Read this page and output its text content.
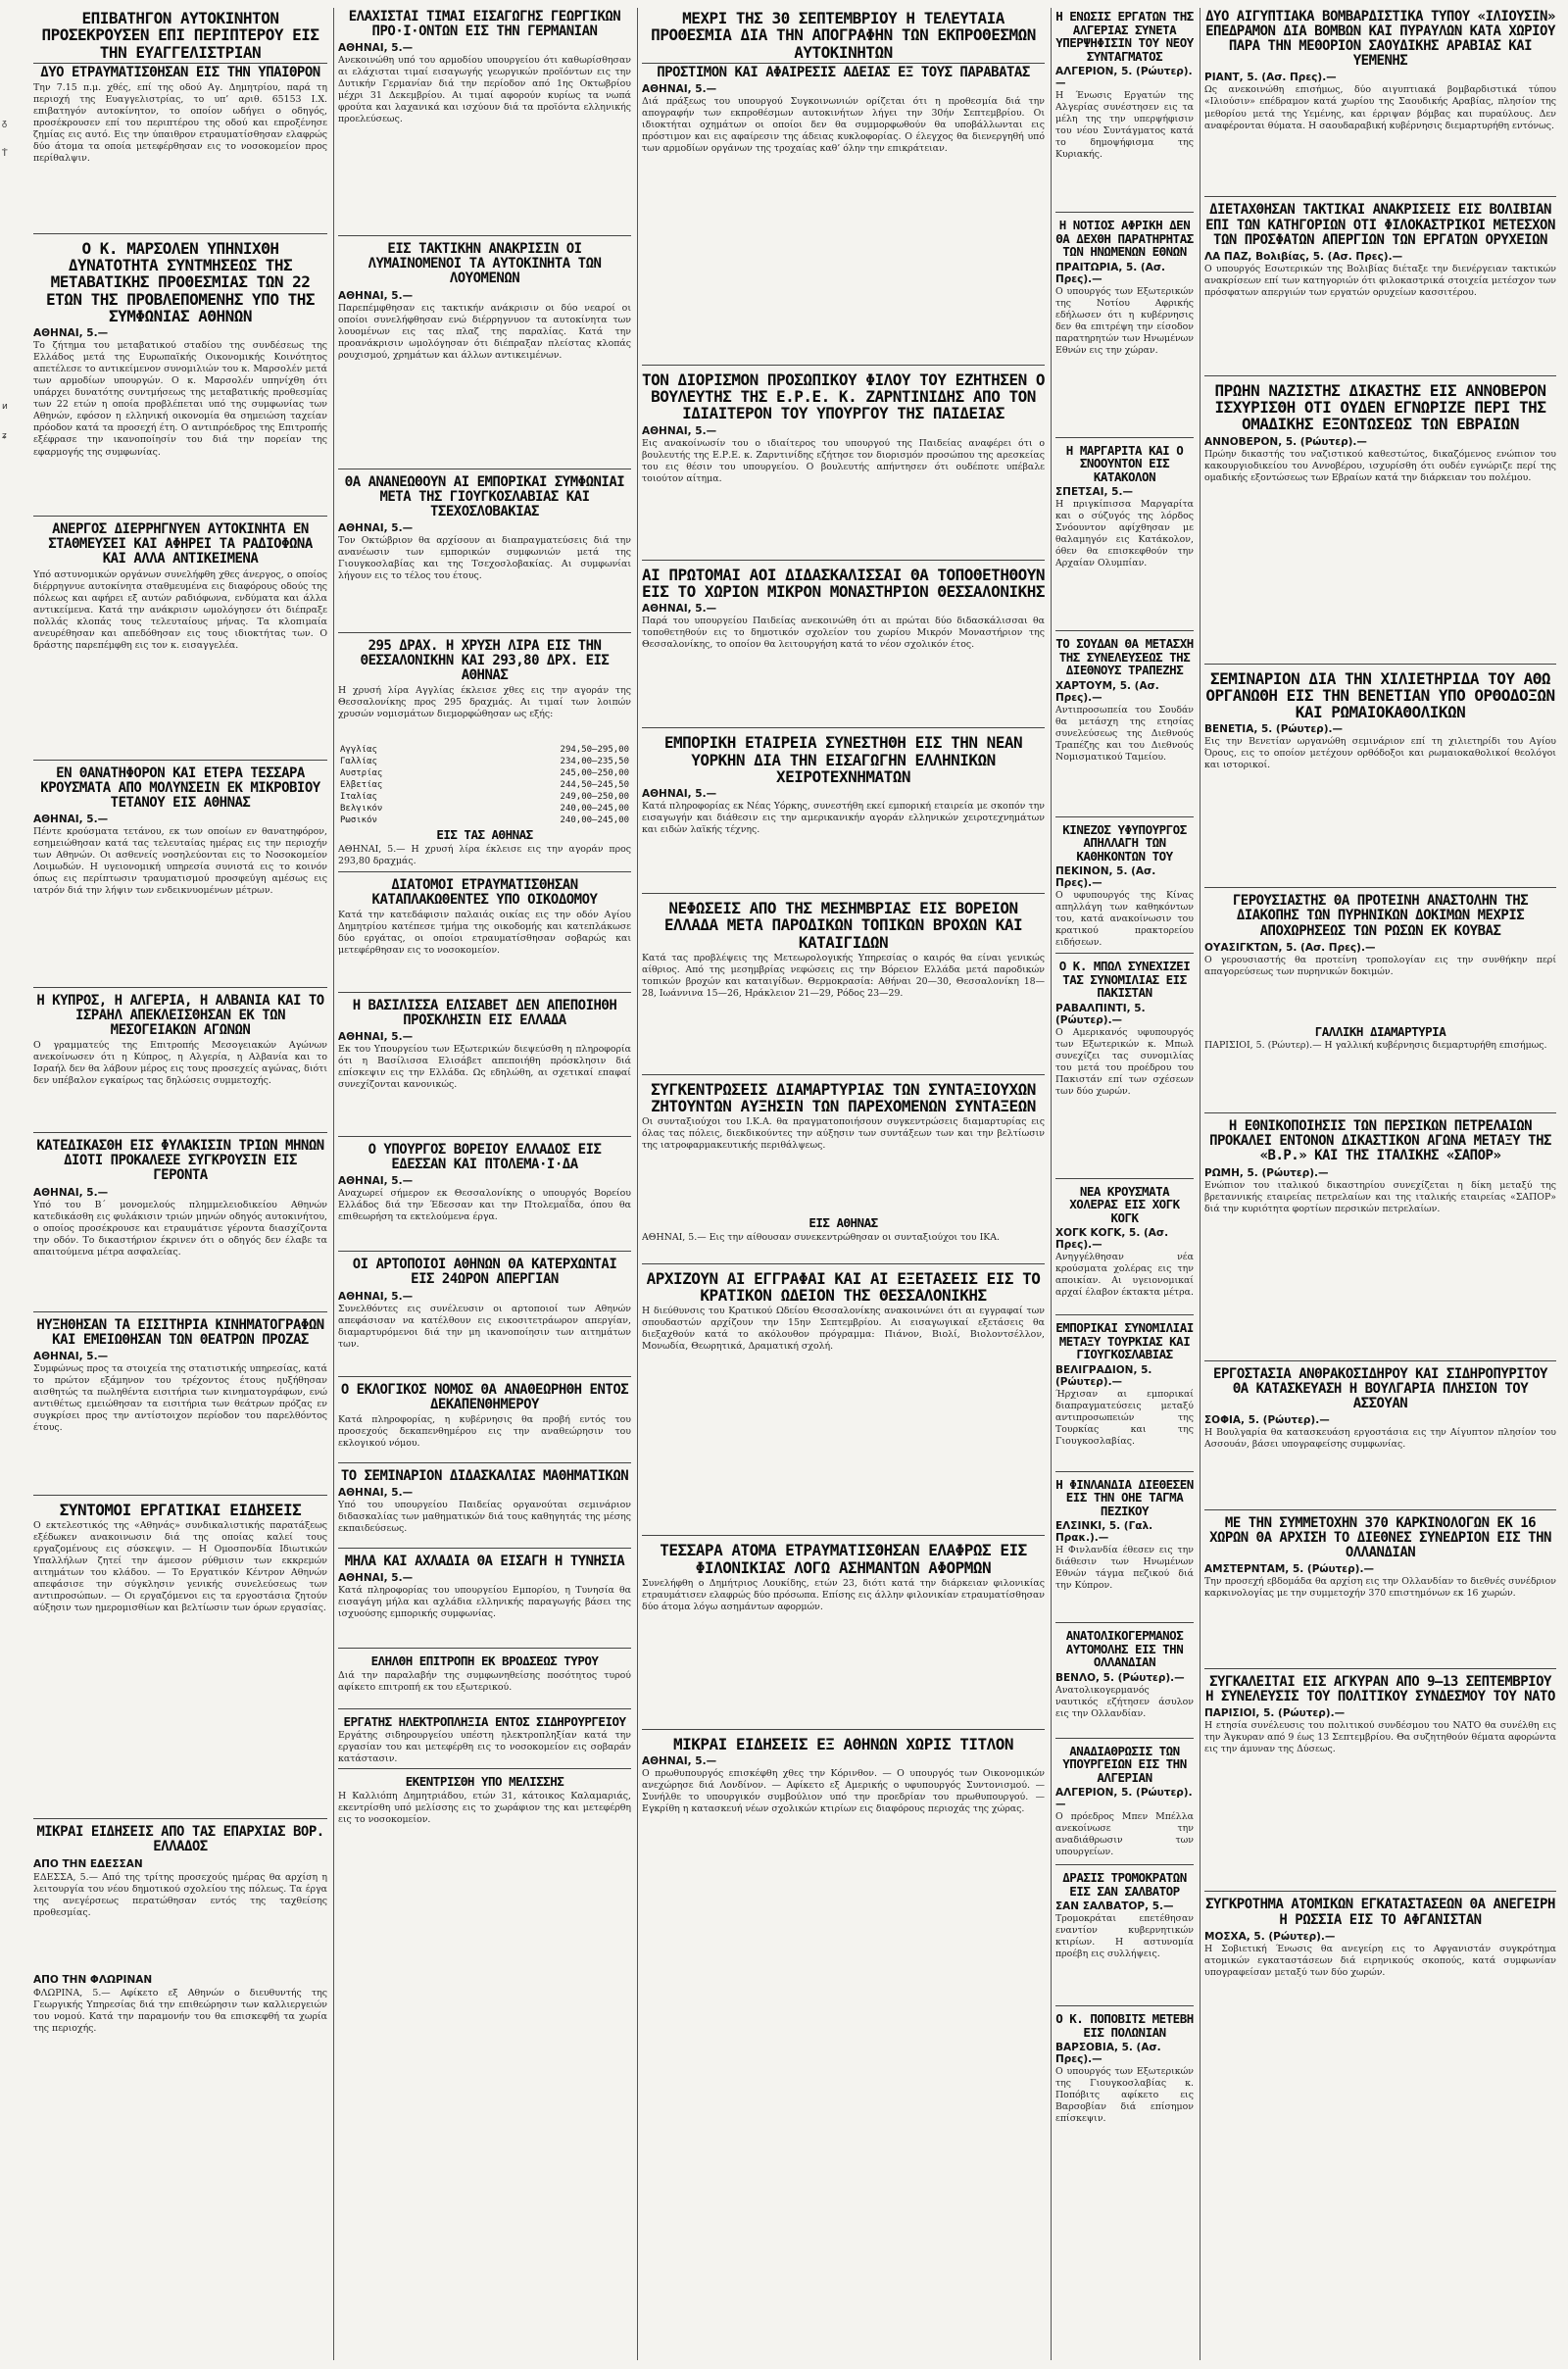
ᵹ
Ṫ
ᴎ
ʑ
ΕΠΙΒΑΤΗΓΟΝ ΑΥΤΟΚΙΝΗΤΟΝ ΠΡΟΣΕΚΡΟΥΣΕΝ ΕΠΙ ΠΕΡΙΠΤΕΡΟΥ ΕΙΣ ΤΗΝ ΕΥΑΓΓΕΛΙΣΤΡΙΑΝ
ΔΥΟ ΕΤΡΑΥΜΑΤΙΣΘΗΣΑΝ ΕΙΣ ΤΗΝ ΥΠΑΙΘΡΟΝ

Την 7.15 π.μ. χθές, επί της οδού Αγ. Δημητρίου, παρά τη περιοχή της Ευαγγελιστρίας, το υπ’ αριθ. 65153 Ι.Χ. επιβατηγόν αυτοκίνητον, το οποίον ωδήγει ο οδηγός, προσέκρουσεν επί του περιπτέρου της οδού και επροξένησε ζημίας εις αυτό. Εις την ύπαιθρον ετραυματίσθησαν ελαφρώς δύο άτομα τα οποία μετεφέρθησαν εις το νοσοκομείον προς περίθαλψιν.

Ο Κ. ΜΑΡΣΟΛΕΝ ΥΠΗΝΙΧΘΗ ΔΥΝΑΤΟΤΗΤΑ ΣΥΝΤΜΗΣΕΩΣ ΤΗΣ ΜΕΤΑΒΑΤΙΚΗΣ ΠΡΟΘΕΣΜΙΑΣ ΤΩΝ 22 ΕΤΩΝ ΤΗΣ ΠΡΟΒΛΕΠΟΜΕΝΗΣ ΥΠΟ ΤΗΣ ΣΥΜΦΩΝΙΑΣ ΑΘΗΝΩΝ
ΑΘΗΝΑΙ, 5.—

Το ζήτημα του μεταβατικού σταδίου της συνδέσεως της Ελλάδος μετά της Ευρωπαϊκής Οικονομικής Κοινότητος απετέλεσε το αντικείμενον συνομιλιών του κ. Μαρσολέν μετά των αρμοδίων υπουργών. Ο κ. Μαρσολέν υπηνίχθη ότι υπάρχει δυνατότης συντμήσεως της μεταβατικής προθεσμίας των 22 ετών η οποία προβλέπεται υπό της συμφωνίας των Αθηνών, εφόσον η ελληνική οικονομία θα σημειώση ταχείαν πρόοδον κατά τα προσεχή έτη. Ο αντιπρόεδρος της Επιτροπής εξέφρασε την ικανοποίησίν του διά την πορείαν της εφαρμογής της συμφωνίας.

ΑΝΕΡΓΟΣ ΔΙΕΡΡΗΓΝΥΕΝ ΑΥΤΟΚΙΝΗΤΑ ΕΝ ΣΤΑΘΜΕΥΣΕΙ ΚΑΙ ΑΦΗΡΕΙ ΤΑ ΡΑΔΙΟΦΩΝΑ ΚΑΙ ΑΛΛΑ ΑΝΤΙΚΕΙΜΕΝΑ

Υπό αστυνομικών οργάνων συνελήφθη χθες άνεργος, ο οποίος διέρρηγνυε αυτοκίνητα σταθμευμένα εις διαφόρους οδούς της πόλεως και αφήρει εξ αυτών ραδιόφωνα, ενδύματα και άλλα αντικείμενα. Κατά την ανάκρισιν ωμολόγησεν ότι διέπραξε πολλάς κλοπάς τους τελευταίους μήνας. Τα κλοπιμαία ανευρέθησαν και απεδόθησαν εις τους ιδιοκτήτας των. Ο δράστης παρεπέμφθη εις τον κ. εισαγγελέα.

ΕΝ ΘΑΝΑΤΗΦΟΡΟΝ ΚΑΙ ΕΤΕΡΑ ΤΕΣΣΑΡΑ ΚΡΟΥΣΜΑΤΑ ΑΠΟ ΜΟΛΥΝΣΕΙΝ ΕΚ ΜΙΚΡΟΒΙΟΥ ΤΕΤΑΝΟΥ ΕΙΣ ΑΘΗΝΑΣ
ΑΘΗΝΑΙ, 5.—

Πέντε κρούσματα τετάνου, εκ των οποίων εν θανατηφόρον, εσημειώθησαν κατά τας τελευταίας ημέρας εις την περιοχήν των Αθηνών. Οι ασθενείς νοσηλεύονται εις το Νοσοκομείον Λοιμωδών. Η υγειονομική υπηρεσία συνιστά εις το κοινόν όπως εις περίπτωσιν τραυματισμού προσφεύγη αμέσως εις ιατρόν διά την λήψιν των ενδεικνυομένων μέτρων.

Η ΚΥΠΡΟΣ, Η ΑΛΓΕΡΙΑ, Η ΑΛΒΑΝΙΑ ΚΑΙ ΤΟ ΙΣΡΑΗΛ ΑΠΕΚΛΕΙΣΘΗΣΑΝ ΕΚ ΤΩΝ ΜΕΣΟΓΕΙΑΚΩΝ ΑΓΩΝΩΝ

Ο γραμματεύς της Επιτροπής Μεσογειακών Αγώνων ανεκοίνωσεν ότι η Κύπρος, η Αλγερία, η Αλβανία και το Ισραήλ δεν θα λάβουν μέρος εις τους προσεχείς αγώνας, διότι δεν υπέβαλον εγκαίρως τας δηλώσεις συμμετοχής.

ΚΑΤΕΔΙΚΑΣΘΗ ΕΙΣ ΦΥΛΑΚΙΣΙΝ ΤΡΙΩΝ ΜΗΝΩΝ ΔΙΟΤΙ ΠΡΟΚΑΛΕΣΕ ΣΥΓΚΡΟΥΣΙΝ ΕΙΣ ΓΕΡΟΝΤΑ
ΑΘΗΝΑΙ, 5.—

Υπό του Β΄ μονομελούς πλημμελειοδικείου Αθηνών κατεδικάσθη εις φυλάκισιν τριών μηνών οδηγός αυτοκινήτου, ο οποίος προσέκρουσε και ετραυμάτισε γέροντα διασχίζοντα την οδόν. Το δικαστήριον έκρινεν ότι ο οδηγός δεν έλαβε τα απαιτούμενα μέτρα ασφαλείας.

ΗΥΞΗΘΗΣΑΝ ΤΑ ΕΙΣΙΤΗΡΙΑ ΚΙΝΗΜΑΤΟΓΡΑΦΩΝ ΚΑΙ ΕΜΕΙΩΘΗΣΑΝ ΤΩΝ ΘΕΑΤΡΩΝ ΠΡΟΖΑΣ
ΑΘΗΝΑΙ, 5.—

Συμφώνως προς τα στοιχεία της στατιστικής υπηρεσίας, κατά το πρώτον εξάμηνον του τρέχοντος έτους ηυξήθησαν αισθητώς τα πωληθέντα εισιτήρια των κινηματογράφων, ενώ αντιθέτως εμειώθησαν τα εισιτήρια των θεάτρων πρόζας εν συγκρίσει προς την αντίστοιχον περίοδον του παρελθόντος έτους.

ΣΥΝΤΟΜΟΙ ΕΡΓΑΤΙΚΑΙ ΕΙΔΗΣΕΙΣ

Ο εκτελεστικός της «Αθηνάς» συνδικαλιστικής παρατάξεως εξέδωκεν ανακοινωσιν διά της οποίας καλεί τους εργαζομένους εις σύσκεψιν. — Η Ομοσπονδία Ιδιωτικών Υπαλλήλων ζητεί την άμεσον ρύθμισιν των εκκρεμών αιτημάτων του κλάδου. — Το Εργατικόν Κέντρον Αθηνών απεφάσισε την σύγκλησιν γενικής συνελεύσεως των αντιπροσώπων. — Οι εργαζόμενοι εις τα εργοστάσια ζητούν αύξησιν των ημερομισθίων και βελτίωσιν των όρων εργασίας.

ΜΙΚΡΑΙ ΕΙΔΗΣΕΙΣ ΑΠΟ ΤΑΣ ΕΠΑΡΧΙΑΣ ΒΟΡ. ΕΛΛΑΔΟΣ
ΑΠΟ ΤΗΝ ΕΔΕΣΣΑΝ

ΕΔΕΣΣΑ, 5.— Από της τρίτης προσεχούς ημέρας θα αρχίση η λειτουργία του νέου δημοτικού σχολείου της πόλεως. Τα έργα της ανεγέρσεως περατώθησαν εντός της ταχθείσης προθεσμίας.

ΑΠΟ ΤΗΝ ΦΛΩΡΙΝΑΝ

ΦΛΩΡΙΝΑ, 5.— Αφίκετο εξ Αθηνών ο διευθυντής της Γεωργικής Υπηρεσίας διά την επιθεώρησιν των καλλιεργειών του νομού. Κατά την παραμονήν του θα επισκεφθή τα χωρία της περιοχής.

ΕΛΑΧΙΣΤΑΙ ΤΙΜΑΙ ΕΙΣΑΓΩΓΗΣ ΓΕΩΡΓΙΚΩΝ ΠΡΟ·Ι·ΟΝΤΩΝ ΕΙΣ ΤΗΝ ΓΕΡΜΑΝΙΑΝ
ΑΘΗΝΑΙ, 5.—

Ανεκοινώθη υπό του αρμοδίου υπουργείου ότι καθωρίσθησαν αι ελάχισται τιμαί εισαγωγής γεωργικών προϊόντων εις την Δυτικήν Γερμανίαν διά την περίοδον από 1ης Οκτωβρίου μέχρι 31 Δεκεμβρίου. Αι τιμαί αφορούν κυρίως τα νωπά φρούτα και λαχανικά και ισχύουν διά τα προϊόντα ελληνικής προελεύσεως.

ΕΙΣ ΤΑΚΤΙΚΗΝ ΑΝΑΚΡΙΣΙΝ ΟΙ ΛΥΜΑΙΝΟΜΕΝΟΙ ΤΑ ΑΥΤΟΚΙΝΗΤΑ ΤΩΝ ΛΟΥΟΜΕΝΩΝ
ΑΘΗΝΑΙ, 5.—

Παρεπέμφθησαν εις τακτικήν ανάκρισιν οι δύο νεαροί οι οποίοι συνελήφθησαν ενώ διέρρηγνυον τα αυτοκίνητα των λουομένων εις τας πλαζ της παραλίας. Κατά την προανάκρισιν ωμολόγησαν ότι διέπραξαν πλείστας κλοπάς ρουχισμού, χρημάτων και άλλων αντικειμένων.

ΘΑ ΑΝΑΝΕΩΘΟΥΝ ΑΙ ΕΜΠΟΡΙΚΑΙ ΣΥΜΦΩΝΙΑΙ ΜΕΤΑ ΤΗΣ ΓΙΟΥΓΚΟΣΛΑΒΙΑΣ ΚΑΙ ΤΣΕΧΟΣΛΟΒΑΚΙΑΣ
ΑΘΗΝΑΙ, 5.—

Τον Οκτώβριον θα αρχίσουν αι διαπραγματεύσεις διά την ανανέωσιν των εμπορικών συμφωνιών μετά της Γιουγκοσλαβίας και της Τσεχοσλοβακίας. Αι συμφωνίαι λήγουν εις το τέλος του έτους.

295 ΔΡΑΧ. Η ΧΡΥΣΗ ΛΙΡΑ ΕΙΣ ΤΗΝ ΘΕΣΣΑΛΟΝΙΚΗΝ ΚΑΙ 293,80 ΔΡΧ. ΕΙΣ ΑΘΗΝΑΣ

Η χρυσή λίρα Αγγλίας έκλεισε χθες εις την αγοράν της Θεσσαλονίκης προς 295 δραχμάς. Αι τιμαί των λοιπών χρυσών νομισμάτων διεμορφώθησαν ως εξής:

Αγγλίας	294,50—295,00
Γαλλίας	234,00—235,50
Αυστρίας	245,00—250,00
Ελβετίας	244,50—245,50
Ιταλίας	249,00—250,00
Βελγικόν	240,00—245,00
Ρωσικόν	240,00—245,00
ΕΙΣ ΤΑΣ ΑΘΗΝΑΣ

ΑΘΗΝΑΙ, 5.— Η χρυσή λίρα έκλεισε εις την αγοράν προς 293,80 δραχμάς.

ΔΙΑΤΟΜΟΙ ΕΤΡΑΥΜΑΤΙΣΘΗΣΑΝ ΚΑΤΑΠΛΑΚΩΘΕΝΤΕΣ ΥΠΟ ΟΙΚΟΔΟΜΟΥ

Κατά την κατεδάφισιν παλαιάς οικίας εις την οδόν Αγίου Δημητρίου κατέπεσε τμήμα της οικοδομής και κατεπλάκωσε δύο εργάτας, οι οποίοι ετραυματίσθησαν σοβαρώς και μετεφέρθησαν εις το νοσοκομείον.

Η ΒΑΣΙΛΙΣΣΑ ΕΛΙΣΑΒΕΤ ΔΕΝ ΑΠΕΠΟΙΗΘΗ ΠΡΟΣΚΛΗΣΙΝ ΕΙΣ ΕΛΛΑΔΑ
ΑΘΗΝΑΙ, 5.—

Εκ του Υπουργείου των Εξωτερικών διεψεύσθη η πληροφορία ότι η Βασίλισσα Ελισάβετ απεποιήθη πρόσκλησιν διά επίσκεψιν εις την Ελλάδα. Ως εδηλώθη, αι σχετικαί επαφαί συνεχίζονται κανονικώς.

Ο ΥΠΟΥΡΓΟΣ ΒΟΡΕΙΟΥ ΕΛΛΑΔΟΣ ΕΙΣ ΕΔΕΣΣΑΝ ΚΑΙ ΠΤΟΛΕΜΑ·Ι·ΔΑ
ΑΘΗΝΑΙ, 5.—

Αναχωρεί σήμερον εκ Θεσσαλονίκης ο υπουργός Βορείου Ελλάδος διά την Έδεσσαν και την Πτολεμαΐδα, όπου θα επιθεωρήση τα εκτελούμενα έργα.

ΟΙ ΑΡΤΟΠΟΙΟΙ ΑΘΗΝΩΝ ΘΑ ΚΑΤΕΡΧΩΝΤΑΙ ΕΙΣ 24ΩΡΟΝ ΑΠΕΡΓΙΑΝ
ΑΘΗΝΑΙ, 5.—

Συνελθόντες εις συνέλευσιν οι αρτοποιοί των Αθηνών απεφάσισαν να κατέλθουν εις εικοσιτετράωρον απεργίαν, διαμαρτυρόμενοι διά την μη ικανοποίησιν των αιτημάτων των.

Ο ΕΚΛΟΓΙΚΟΣ ΝΟΜΟΣ ΘΑ ΑΝΑΘΕΩΡΗΘΗ ΕΝΤΟΣ ΔΕΚΑΠΕΝΘΗΜΕΡΟΥ

Κατά πληροφορίας, η κυβέρνησις θα προβή εντός του προσεχούς δεκαπενθημέρου εις την αναθεώρησιν του εκλογικού νόμου.

ΤΟ ΣΕΜΙΝΑΡΙΟΝ ΔΙΔΑΣΚΑΛΙΑΣ ΜΑΘΗΜΑΤΙΚΩΝ
ΑΘΗΝΑΙ, 5.—

Υπό του υπουργείου Παιδείας οργανούται σεμινάριον διδασκαλίας των μαθηματικών διά τους καθηγητάς της μέσης εκπαιδεύσεως.

ΜΗΛΑ ΚΑΙ ΑΧΛΑΔΙΑ ΘΑ ΕΙΣΑΓΗ Η ΤΥΝΗΣΙΑ
ΑΘΗΝΑΙ, 5.—

Κατά πληροφορίας του υπουργείου Εμπορίου, η Τυνησία θα εισαγάγη μήλα και αχλάδια ελληνικής παραγωγής βάσει της ισχυούσης εμπορικής συμφωνίας.

ΕΛΗΛΘΗ ΕΠΙΤΡΟΠΗ ΕΚ ΒΡΟΔΣΕΩΣ ΤΥΡΟΥ

Διά την παραλαβήν της συμφωνηθείσης ποσότητος τυρού αφίκετο επιτροπή εκ του εξωτερικού.

ΕΡΓΑΤΗΣ ΗΛΕΚΤΡΟΠΛΗΞΙΑ ΕΝΤΟΣ ΣΙΔΗΡΟΥΡΓΕΙΟΥ

Εργάτης σιδηρουργείου υπέστη ηλεκτροπληξίαν κατά την εργασίαν του και μετεφέρθη εις το νοσοκομείον εις σοβαράν κατάστασιν.

ΕΚΕΝΤΡΙΣΘΗ ΥΠΟ ΜΕΛΙΣΣΗΣ

Η Καλλιόπη Δημητριάδου, ετών 31, κάτοικος Καλαμαριάς, εκεντρίσθη υπό μελίσσης εις το χωράφιον της και μετεφέρθη εις το νοσοκομείον.

ΜΕΧΡΙ ΤΗΣ 30 ΣΕΠΤΕΜΒΡΙΟΥ Η ΤΕΛΕΥΤΑΙΑ ΠΡΟΘΕΣΜΙΑ ΔΙΑ ΤΗΝ ΑΠΟΓΡΑΦΗΝ ΤΩΝ ΕΚΠΡΟΘΕΣΜΩΝ ΑΥΤΟΚΙΝΗΤΩΝ
ΠΡΟΣΤΙΜΟΝ ΚΑΙ ΑΦΑΙΡΕΣΙΣ ΑΔΕΙΑΣ ΕΞ ΤΟΥΣ ΠΑΡΑΒΑΤΑΣ
ΑΘΗΝΑΙ, 5.—

Διά πράξεως του υπουργού Συγκοινωνιών ορίζεται ότι η προθεσμία διά την απογραφήν των εκπροθέσμων αυτοκινήτων λήγει την 30ήν Σεπτεμβρίου. Οι ιδιοκτήται οχημάτων οι οποίοι δεν θα συμμορφωθούν θα υποβάλλωνται εις πρόστιμον και εις αφαίρεσιν της άδειας κυκλοφορίας. Ο έλεγχος θα διενεργηθή υπό των αρμοδίων οργάνων της τροχαίας καθ’ όλην την επικράτειαν.

ΤΟΝ ΔΙΟΡΙΣΜΟΝ ΠΡΟΣΩΠΙΚΟΥ ΦΙΛΟΥ ΤΟΥ ΕΖΗΤΗΣΕΝ Ο ΒΟΥΛΕΥΤΗΣ ΤΗΣ Ε.Ρ.Ε. Κ. ΖΑΡΝΤΙΝΙΔΗΣ ΑΠΟ ΤΟΝ ΙΔΙΑΙΤΕΡΟΝ ΤΟΥ ΥΠΟΥΡΓΟΥ ΤΗΣ ΠΑΙΔΕΙΑΣ
ΑΘΗΝΑΙ, 5.—

Εις ανακοίνωσίν του ο ιδιαίτερος του υπουργού της Παιδείας αναφέρει ότι ο βουλευτής της Ε.Ρ.Ε. κ. Ζαρντινίδης εζήτησε τον διορισμόν προσώπου της αρεσκείας του εις θέσιν του υπουργείου. Ο βουλευτής απήντησεν ότι ουδέποτε υπέβαλε τοιούτον αίτημα.

ΑΙ ΠΡΩΤΟΜΑΙ ΑΟΙ ΔΙΔΑΣΚΑΛΙΣΣΑΙ ΘΑ ΤΟΠΟΘΕΤΗΘΟΥΝ ΕΙΣ ΤΟ ΧΩΡΙΟΝ ΜΙΚΡΟΝ ΜΟΝΑΣΤΗΡΙΟΝ ΘΕΣΣΑΛΟΝΙΚΗΣ
ΑΘΗΝΑΙ, 5.—

Παρά του υπουργείου Παιδείας ανεκοινώθη ότι αι πρώται δύο διδασκάλισσαι θα τοποθετηθούν εις το δημοτικόν σχολείον του χωρίου Μικρόν Μοναστήριον της Θεσσαλονίκης, το οποίον θα λειτουργήση κατά το νέον σχολικόν έτος.

ΕΜΠΟΡΙΚΗ ΕΤΑΙΡΕΙΑ ΣΥΝΕΣΤΗΘΗ ΕΙΣ ΤΗΝ ΝΕΑΝ ΥΟΡΚΗΝ ΔΙΑ ΤΗΝ ΕΙΣΑΓΩΓΗΝ ΕΛΛΗΝΙΚΩΝ ΧΕΙΡΟΤΕΧΝΗΜΑΤΩΝ
ΑΘΗΝΑΙ, 5.—

Κατά πληροφορίας εκ Νέας Υόρκης, συνεστήθη εκεί εμπορική εταιρεία με σκοπόν την εισαγωγήν και διάθεσιν εις την αμερικανικήν αγοράν ελληνικών χειροτεχνημάτων και ειδών λαϊκής τέχνης.

ΝΕΦΩΣΕΙΣ ΑΠΟ ΤΗΣ ΜΕΣΗΜΒΡΙΑΣ ΕΙΣ ΒΟΡΕΙΟΝ ΕΛΛΑΔΑ ΜΕΤΑ ΠΑΡΟΔΙΚΩΝ ΤΟΠΙΚΩΝ ΒΡΟΧΩΝ ΚΑΙ ΚΑΤΑΙΓΙΔΩΝ

Κατά τας προβλέψεις της Μετεωρολογικής Υπηρεσίας ο καιρός θα είναι γενικώς αίθριος. Από της μεσημβρίας νεφώσεις εις την Βόρειον Ελλάδα μετά παροδικών τοπικών βροχών και καταιγίδων. Θερμοκρασία: Αθήναι 20—30, Θεσσαλονίκη 18—28, Ιωάννινα 15—26, Ηράκλειον 21—29, Ρόδος 23—29.

ΣΥΓΚΕΝΤΡΩΣΕΙΣ ΔΙΑΜΑΡΤΥΡΙΑΣ ΤΩΝ ΣΥΝΤΑΞΙΟΥΧΩΝ ΖΗΤΟΥΝΤΩΝ ΑΥΞΗΣΙΝ ΤΩΝ ΠΑΡΕΧΟΜΕΝΩΝ ΣΥΝΤΑΞΕΩΝ

Οι συνταξιούχοι του Ι.Κ.Α. θα πραγματοποιήσουν συγκεντρώσεις διαμαρτυρίας εις όλας τας πόλεις, διεκδικούντες την αύξησιν των συντάξεων των και την βελτίωσιν της ιατροφαρμακευτικής περιθάλψεως.

ΕΙΣ ΑΘΗΝΑΣ

ΑΘΗΝΑΙ, 5.— Εις την αίθουσαν συνεκεντρώθησαν οι συνταξιούχοι του ΙΚΑ.

ΑΡΧΙΖΟΥΝ ΑΙ ΕΓΓΡΑΦΑΙ ΚΑΙ ΑΙ ΕΞΕΤΑΣΕΙΣ ΕΙΣ ΤΟ ΚΡΑΤΙΚΟΝ ΩΔΕΙΟΝ ΤΗΣ ΘΕΣΣΑΛΟΝΙΚΗΣ

Η διεύθυνσις του Κρατικού Ωδείου Θεσσαλονίκης ανακοινώνει ότι αι εγγραφαί των σπουδαστών αρχίζουν την 15ην Σεπτεμβρίου. Αι εισαγωγικαί εξετάσεις θα διεξαχθούν κατά το ακόλουθον πρόγραμμα: Πιάνον, Βιολί, Βιολοντσέλλον, Μονωδία, Θεωρητικά, Δραματική σχολή.

ΤΕΣΣΑΡΑ ΑΤΟΜΑ ΕΤΡΑΥΜΑΤΙΣΘΗΣΑΝ ΕΛΑΦΡΩΣ ΕΙΣ ΦΙΛΟΝΙΚΙΑΣ ΛΟΓΩ ΑΣΗΜΑΝΤΩΝ ΑΦΟΡΜΩΝ

Συνελήφθη ο Δημήτριος Λουκίδης, ετών 23, διότι κατά την διάρκειαν φιλονικίας ετραυμάτισεν ελαφρώς δύο πρόσωπα. Επίσης εις άλλην φιλονικίαν ετραυματίσθησαν δύο άτομα λόγω ασημάντων αφορμών.

ΜΙΚΡΑΙ ΕΙΔΗΣΕΙΣ ΕΞ ΑΘΗΝΩΝ ΧΩΡΙΣ ΤΙΤΛΟΝ
ΑΘΗΝΑΙ, 5.—

Ο πρωθυπουργός επισκέφθη χθες την Κόρινθον. — Ο υπουργός των Οικονομικών ανεχώρησε διά Λονδίνον. — Αφίκετο εξ Αμερικής ο υφυπουργός Συντονισμού. — Συνήλθε το υπουργικόν συμβούλιον υπό την προεδρίαν του πρωθυπουργού. — Εγκρίθη η κατασκευή νέων σχολικών κτιρίων εις διαφόρους περιοχάς της χώρας.

Η ΕΝΩΣΙΣ ΕΡΓΑΤΩΝ ΤΗΣ ΑΛΓΕΡΙΑΣ ΣΥΝΕΤΑ ΥΠΕΡΨΗΦΙΣΙΝ ΤΟΥ ΝΕΟΥ ΣΥΝΤΑΓΜΑΤΟΣ
ΑΛΓΕΡΙΟΝ, 5. (Ρώυτερ).—

Η Ένωσις Εργατών της Αλγερίας συνέστησεν εις τα μέλη της την υπερψήφισιν του νέου Συντάγματος κατά το δημοψήφισμα της Κυριακής.

Η ΝΟΤΙΟΣ ΑΦΡΙΚΗ ΔΕΝ ΘΑ ΔΕΧΘΗ ΠΑΡΑΤΗΡΗΤΑΣ ΤΩΝ ΗΝΩΜΕΝΩΝ ΕΘΝΩΝ
ΠΡΑΙΤΩΡΙΑ, 5. (Ασ. Πρες).—

Ο υπουργός των Εξωτερικών της Νοτίου Αφρικής εδήλωσεν ότι η κυβέρνησις δεν θα επιτρέψη την είσοδον παρατηρητών των Ηνωμένων Εθνών εις την χώραν.

Η ΜΑΡΓΑΡΙΤΑ ΚΑΙ Ο ΣΝΟΟΥΝΤΟΝ ΕΙΣ ΚΑΤΑΚΟΛΟΝ
ΣΠΕΤΣΑΙ, 5.—

Η πριγκίπισσα Μαργαρίτα και ο σύζυγός της λόρδος Σνόουντον αφίχθησαν με θαλαμηγόν εις Κατάκολον, όθεν θα επισκεφθούν την Αρχαίαν Ολυμπίαν.

ΤΟ ΣΟΥΔΑΝ ΘΑ ΜΕΤΑΣΧΗ ΤΗΣ ΣΥΝΕΛΕΥΣΕΩΣ ΤΗΣ ΔΙΕΘΝΟΥΣ ΤΡΑΠΕΖΗΣ
ΧΑΡΤΟΥΜ, 5. (Ασ. Πρες).—

Αντιπροσωπεία του Σουδάν θα μετάσχη της ετησίας συνελεύσεως της Διεθνούς Τραπέζης και του Διεθνούς Νομισματικού Ταμείου.

ΚΙΝΕΖΟΣ ΥΦΥΠΟΥΡΓΟΣ ΑΠΗΛΛΑΓΗ ΤΩΝ ΚΑΘΗΚΟΝΤΩΝ ΤΟΥ
ΠΕΚΙΝΟΝ, 5. (Ασ. Πρες).—

Ο υφυπουργός της Κίνας απηλλάγη των καθηκόντων του, κατά ανακοίνωσιν του κρατικού πρακτορείου ειδήσεων.

Ο Κ. ΜΠΩΛ ΣΥΝΕΧΙΖΕΙ ΤΑΣ ΣΥΝΟΜΙΛΙΑΣ ΕΙΣ ΠΑΚΙΣΤΑΝ
ΡΑΒΑΛΠΙΝΤΙ, 5. (Ρώυτερ).—

Ο Αμερικανός υφυπουργός των Εξωτερικών κ. Μπωλ συνεχίζει τας συνομιλίας του μετά του προέδρου του Πακιστάν επί των σχέσεων των δύο χωρών.

ΝΕΑ ΚΡΟΥΣΜΑΤΑ ΧΟΛΕΡΑΣ ΕΙΣ ΧΟΓΚ ΚΟΓΚ
ΧΟΓΚ ΚΟΓΚ, 5. (Ασ. Πρες).—

Ανηγγέλθησαν νέα κρούσματα χολέρας εις την αποικίαν. Αι υγειονομικαί αρχαί έλαβον έκτακτα μέτρα.

ΕΜΠΟΡΙΚΑΙ ΣΥΝΟΜΙΛΙΑΙ ΜΕΤΑΞΥ ΤΟΥΡΚΙΑΣ ΚΑΙ ΓΙΟΥΓΚΟΣΛΑΒΙΑΣ
ΒΕΛΙΓΡΑΔΙΟΝ, 5. (Ρώυτερ).—

Ήρχισαν αι εμπορικαί διαπραγματεύσεις μεταξύ αντιπροσωπειών της Τουρκίας και της Γιουγκοσλαβίας.

Η ΦΙΝΛΑΝΔΙΑ ΔΙΕΘΕΣΕΝ ΕΙΣ ΤΗΝ ΟΗΕ ΤΑΓΜΑ ΠΕΖΙΚΟΥ
ΕΛΣΙΝΚΙ, 5. (Γαλ. Πρακ.).—

Η Φινλανδία έθεσεν εις την διάθεσιν των Ηνωμένων Εθνών τάγμα πεζικού διά την Κύπρον.

ΑΝΑΤΟΛΙΚΟΓΕΡΜΑΝΟΣ ΑΥΤΟΜΟΛΗΣ ΕΙΣ ΤΗΝ ΟΛΛΑΝΔΙΑΝ
ΒΕΝΛΟ, 5. (Ρώυτερ).—

Ανατολικογερμανός ναυτικός εζήτησεν άσυλον εις την Ολλανδίαν.

ΑΝΑΔΙΑΘΡΩΣΙΣ ΤΩΝ ΥΠΟΥΡΓΕΙΩΝ ΕΙΣ ΤΗΝ ΑΛΓΕΡΙΑΝ
ΑΛΓΕΡΙΟΝ, 5. (Ρώυτερ).—

Ο πρόεδρος Μπεν Μπέλλα ανεκοίνωσε την αναδιάθρωσιν των υπουργείων.

ΔΡΑΣΙΣ ΤΡΟΜΟΚΡΑΤΩΝ ΕΙΣ ΣΑΝ ΣΑΛΒΑΤΟΡ
ΣΑΝ ΣΑΛΒΑΤΟΡ, 5.—

Τρομοκράται επετέθησαν εναντίον κυβερνητικών κτιρίων. Η αστυνομία προέβη εις συλλήψεις.

Ο Κ. ΠΟΠΟΒΙΤΣ ΜΕΤΕΒΗ ΕΙΣ ΠΟΛΩΝΙΑΝ
ΒΑΡΣΟΒΙΑ, 5. (Ασ. Πρες).—

Ο υπουργός των Εξωτερικών της Γιουγκοσλαβίας κ. Ποπόβιτς αφίκετο εις Βαρσοβίαν διά επίσημον επίσκεψιν.

ΔΥΟ ΑΙΓΥΠΤΙΑΚΑ ΒΟΜΒΑΡΔΙΣΤΙΚΑ ΤΥΠΟΥ «ΙΛΙΟΥΣΙΝ» ΕΠΕΔΡΑΜΟΝ ΔΙΑ ΒΟΜΒΩΝ ΚΑΙ ΠΥΡΑΥΛΩΝ ΚΑΤΑ ΧΩΡΙΟΥ ΠΑΡΑ ΤΗΝ ΜΕΘΟΡΙΟΝ ΣΑΟΥΔΙΚΗΣ ΑΡΑΒΙΑΣ ΚΑΙ ΥΕΜΕΝΗΣ
ΡΙΑΝΤ, 5. (Ασ. Πρες).—

Ως ανεκοινώθη επισήμως, δύο αιγυπτιακά βομβαρδιστικά τύπου «Ιλιούσιν» επέδραμον κατά χωρίου της Σαουδικής Αραβίας, πλησίον της μεθορίου μετά της Υεμένης, και έρριψαν βόμβας και πυραύλους. Δεν αναφέρονται θύματα. Η σαουδαραβική κυβέρνησις διεμαρτυρήθη εντόνως.

ΔΙΕΤΑΧΘΗΣΑΝ ΤΑΚΤΙΚΑΙ ΑΝΑΚΡΙΣΕΙΣ ΕΙΣ ΒΟΛΙΒΙΑΝ ΕΠΙ ΤΩΝ ΚΑΤΗΓΟΡΙΩΝ ΟΤΙ ΦΙΛΟΚΑΣΤΡΙΚΟΙ ΜΕΤΕΣΧΟΝ ΤΩΝ ΠΡΟΣΦΑΤΩΝ ΑΠΕΡΓΙΩΝ ΤΩΝ ΕΡΓΑΤΩΝ ΟΡΥΧΕΙΩΝ
ΛΑ ΠΑΖ, Βολιβίας, 5. (Ασ. Πρες).—

Ο υπουργός Εσωτερικών της Βολιβίας διέταξε την διενέργειαν τακτικών ανακρίσεων επί των κατηγοριών ότι φιλοκαστρικά στοιχεία μετέσχον των πρόσφατων απεργιών των εργατών ορυχείων κασσιτέρου.

ΠΡΩΗΝ ΝΑΖΙΣΤΗΣ ΔΙΚΑΣΤΗΣ ΕΙΣ ΑΝΝΟΒΕΡΟΝ ΙΣΧΥΡΙΣΘΗ ΟΤΙ ΟΥΔΕΝ ΕΓΝΩΡΙΖΕ ΠΕΡΙ ΤΗΣ ΟΜΑΔΙΚΗΣ ΕΞΟΝΤΩΣΕΩΣ ΤΩΝ ΕΒΡΑΙΩΝ
ΑΝΝΟΒΕΡΟΝ, 5. (Ρώυτερ).—

Πρώην δικαστής του ναζιστικού καθεστώτος, δικαζόμενος ενώπιον του κακουργιοδικείου του Αννοβέρου, ισχυρίσθη ότι ουδέν εγνώριζε περί της ομαδικής εξοντώσεως των Εβραίων κατά την διάρκειαν του πολέμου.

ΣΕΜΙΝΑΡΙΟΝ ΔΙΑ ΤΗΝ ΧΙΛΙΕΤΗΡΙΔΑ ΤΟΥ ΑΘΩ ΟΡΓΑΝΩΘΗ ΕΙΣ ΤΗΝ ΒΕΝΕΤΙΑΝ ΥΠΟ ΟΡΘΟΔΟΞΩΝ ΚΑΙ ΡΩΜΑΙΟΚΑΘΟΛΙΚΩΝ
ΒΕΝΕΤΙΑ, 5. (Ρώυτερ).—

Εις την Βενετίαν ωργανώθη σεμινάριον επί τη χιλιετηρίδι του Αγίου Όρους, εις το οποίον μετέχουν ορθόδοξοι και ρωμαιοκαθολικοί θεολόγοι και ιστορικοί.

ΓΕΡΟΥΣΙΑΣΤΗΣ ΘΑ ΠΡΟΤΕΙΝΗ ΑΝΑΣΤΟΛΗΝ ΤΗΣ ΔΙΑΚΟΠΗΣ ΤΩΝ ΠΥΡΗΝΙΚΩΝ ΔΟΚΙΜΩΝ ΜΕΧΡΙΣ ΑΠΟΧΩΡΗΣΕΩΣ ΤΩΝ ΡΩΣΩΝ ΕΚ ΚΟΥΒΑΣ
ΟΥΑΣΙΓΚΤΩΝ, 5. (Ασ. Πρες).—

Ο γερουσιαστής θα προτείνη τροπολογίαν εις την συνθήκην περί απαγορεύσεως των πυρηνικών δοκιμών.

ΓΑΛΛΙΚΗ ΔΙΑΜΑΡΤΥΡΙΑ

ΠΑΡΙΣΙΟΙ, 5. (Ρώυτερ).— Η γαλλική κυβέρνησις διεμαρτυρήθη επισήμως.

Η ΕΘΝΙΚΟΠΟΙΗΣΙΣ ΤΩΝ ΠΕΡΣΙΚΩΝ ΠΕΤΡΕΛΑΙΩΝ ΠΡΟΚΑΛΕΙ ΕΝΤΟΝΟΝ ΔΙΚΑΣΤΙΚΟΝ ΑΓΩΝΑ ΜΕΤΑΞΥ ΤΗΣ «Β.Ρ.» ΚΑΙ ΤΗΣ ΙΤΑΛΙΚΗΣ «ΣΑΠΟΡ»
ΡΩΜΗ, 5. (Ρώυτερ).—

Ενώπιον του ιταλικού δικαστηρίου συνεχίζεται η δίκη μεταξύ της βρεταννικής εταιρείας πετρελαίων και της ιταλικής εταιρείας «ΣΑΠΟΡ» διά την κυριότητα φορτίων περσικών πετρελαίων.

ΕΡΓΟΣΤΑΣΙΑ ΑΝΘΡΑΚΟΣΙΔΗΡΟΥ ΚΑΙ ΣΙΔΗΡΟΠΥΡΙΤΟΥ ΘΑ ΚΑΤΑΣΚΕΥΑΣΗ Η ΒΟΥΛΓΑΡΙΑ ΠΛΗΣΙΟΝ ΤΟΥ ΑΣΣΟΥΑΝ
ΣΟΦΙΑ, 5. (Ρώυτερ).—

Η Βουλγαρία θα κατασκευάση εργοστάσια εις την Αίγυπτον πλησίον του Ασσουάν, βάσει υπογραφείσης συμφωνίας.

ΜΕ ΤΗΝ ΣΥΜΜΕΤΟΧΗΝ 370 ΚΑΡΚΙΝΟΛΟΓΩΝ ΕΚ 16 ΧΩΡΩΝ ΘΑ ΑΡΧΙΣΗ ΤΟ ΔΙΕΘΝΕΣ ΣΥΝΕΔΡΙΟΝ ΕΙΣ ΤΗΝ ΟΛΛΑΝΔΙΑΝ
ΑΜΣΤΕΡΝΤΑΜ, 5. (Ρώυτερ).—

Την προσεχή εβδομάδα θα αρχίση εις την Ολλανδίαν το διεθνές συνέδριον καρκινολογίας με την συμμετοχήν 370 επιστημόνων εκ 16 χωρών.

ΣΥΓΚΑΛΕΙΤΑΙ ΕΙΣ ΑΓΚΥΡΑΝ ΑΠΟ 9—13 ΣΕΠΤΕΜΒΡΙΟΥ Η ΣΥΝΕΛΕΥΣΙΣ ΤΟΥ ΠΟΛΙΤΙΚΟΥ ΣΥΝΔΕΣΜΟΥ ΤΟΥ ΝΑΤΟ
ΠΑΡΙΣΙΟΙ, 5. (Ρώυτερ).—

Η ετησία συνέλευσις του πολιτικού συνδέσμου του ΝΑΤΟ θα συνέλθη εις την Άγκυραν από 9 έως 13 Σεπτεμβρίου. Θα συζητηθούν θέματα αφορώντα εις την άμυναν της Δύσεως.

ΣΥΓΚΡΟΤΗΜΑ ΑΤΟΜΙΚΩΝ ΕΓΚΑΤΑΣΤΑΣΕΩΝ ΘΑ ΑΝΕΓΕΙΡΗ Η ΡΩΣΣΙΑ ΕΙΣ ΤΟ ΑΦΓΑΝΙΣΤΑΝ
ΜΟΣΧΑ, 5. (Ρώυτερ).—

Η Σοβιετική Ένωσις θα ανεγείρη εις το Αφγανιστάν συγκρότημα ατομικών εγκαταστάσεων διά ειρηνικούς σκοπούς, κατά συμφωνίαν υπογραφείσαν μεταξύ των δύο χωρών.
